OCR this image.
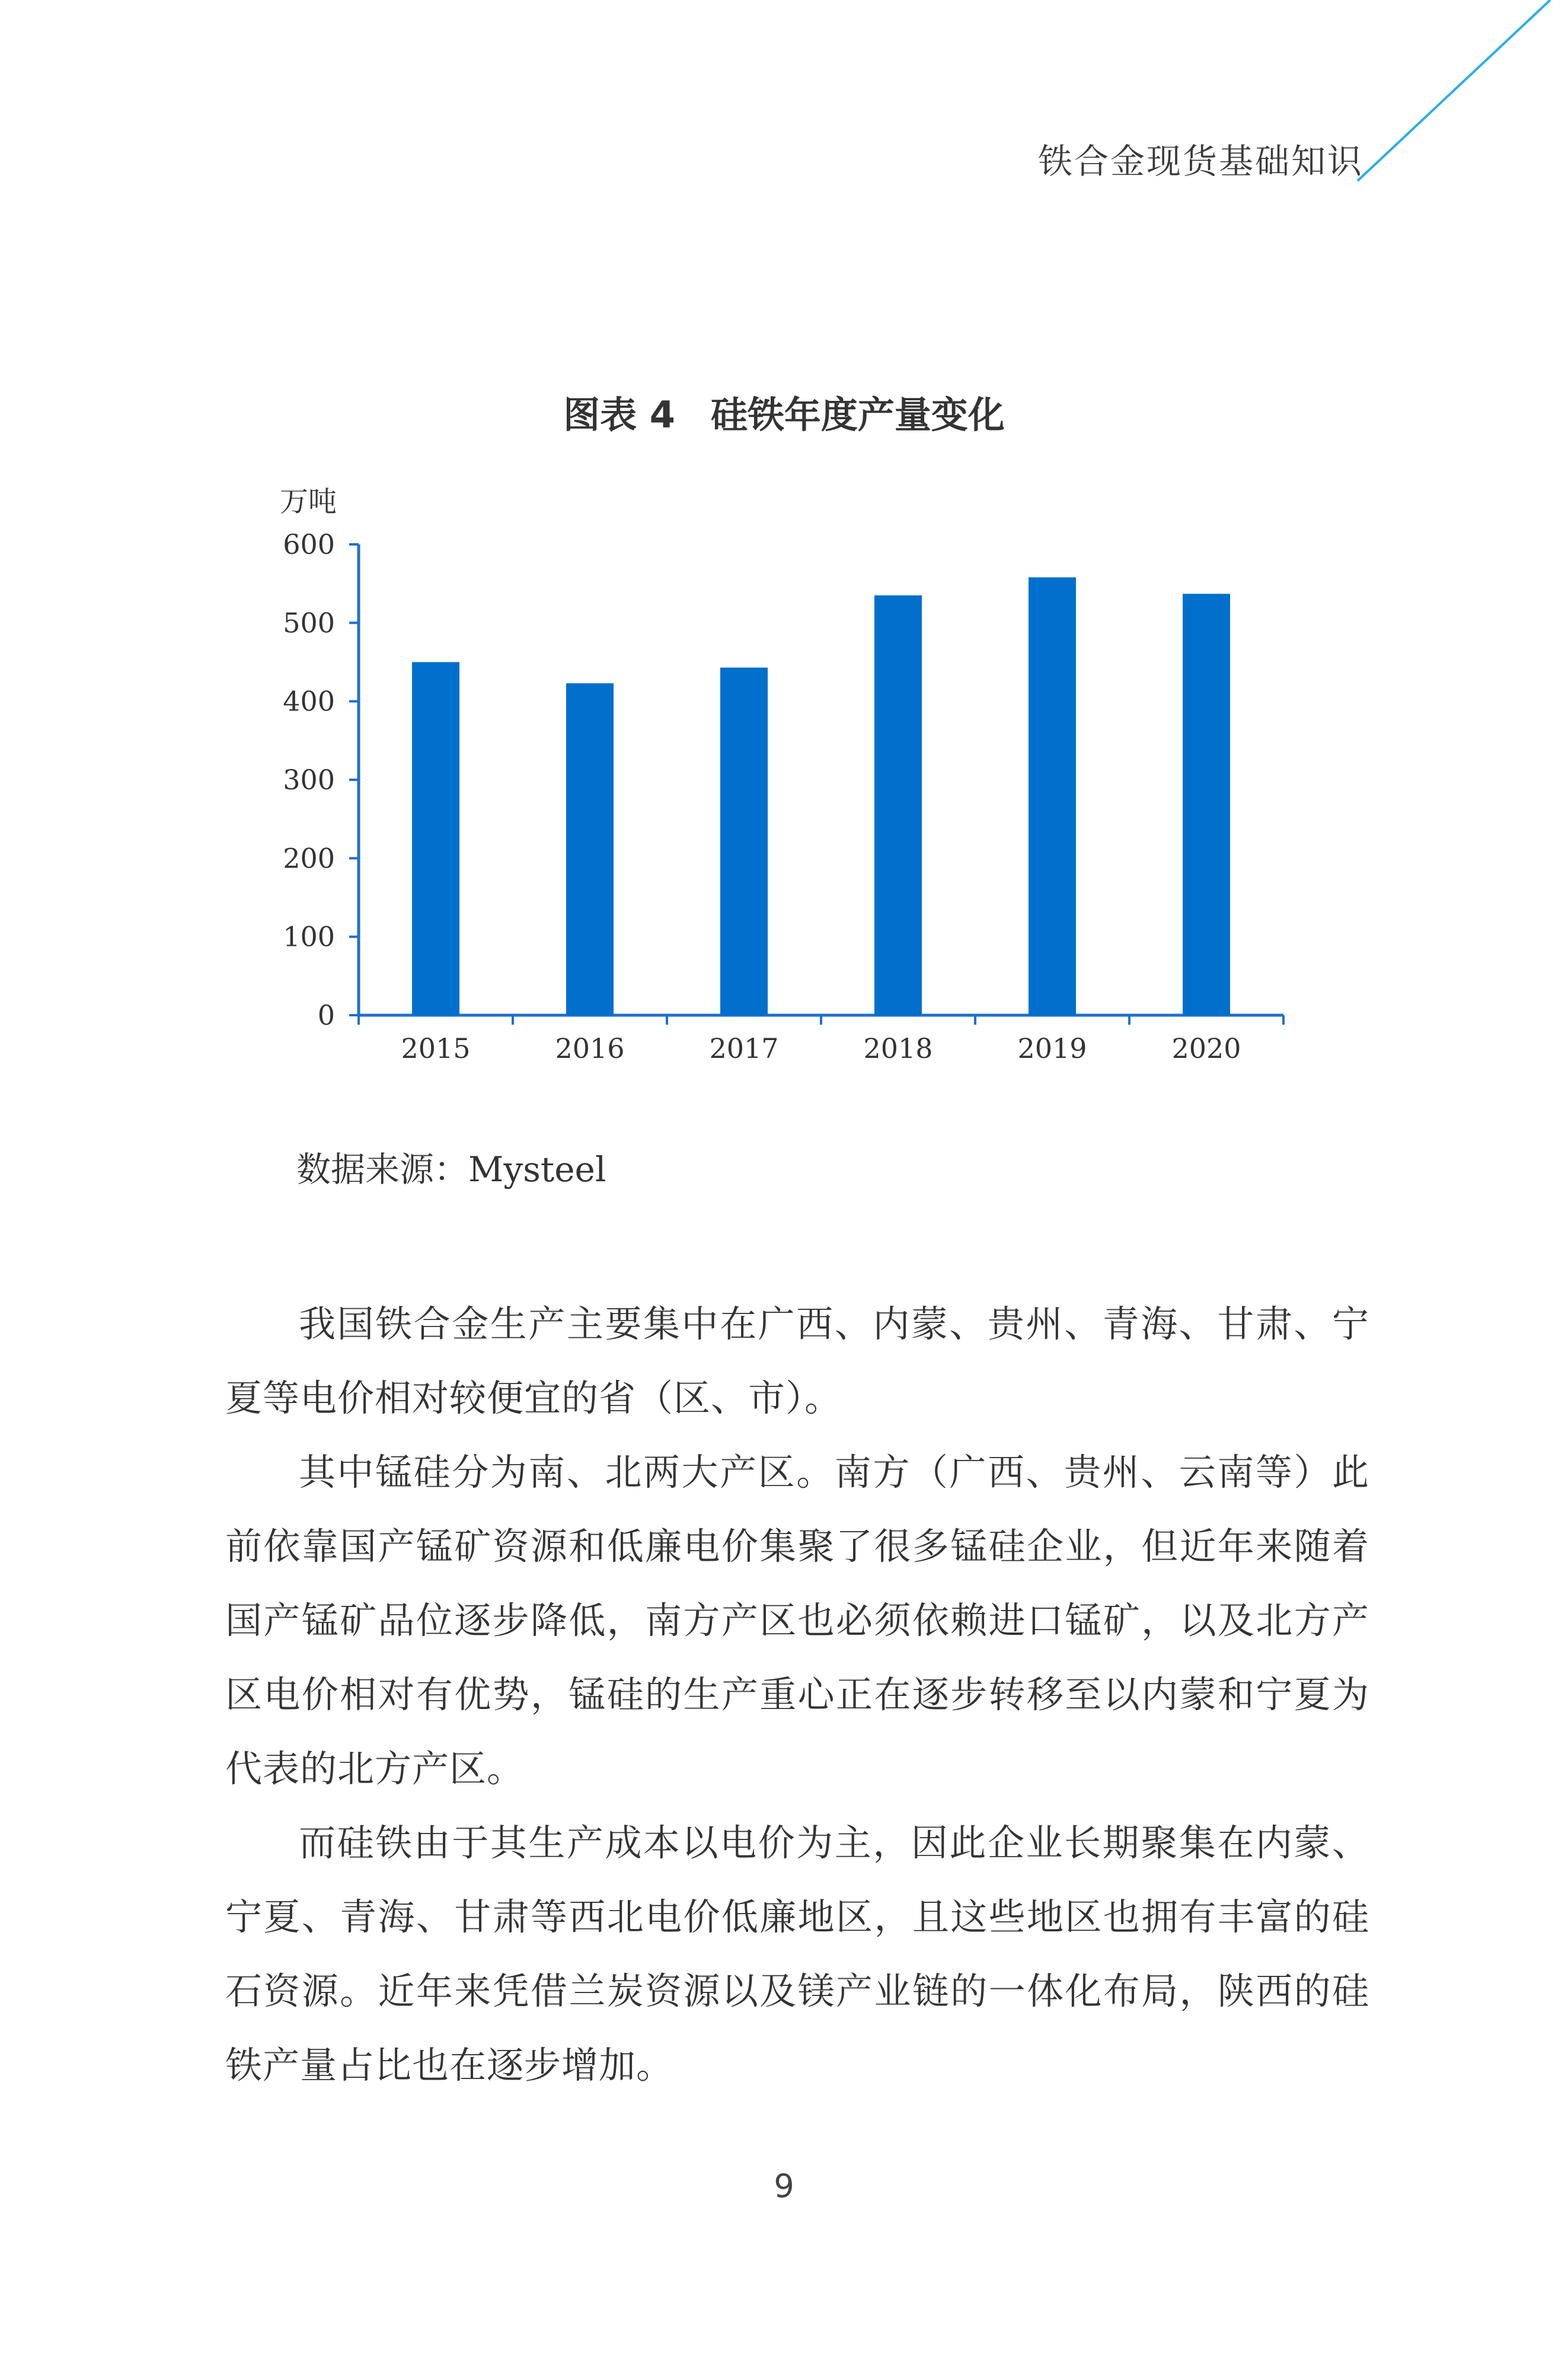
铁合金现货基础知识
图表 4 硅铁年度产量变化
万吨
0
100
200
300
400
500
600
2015	2016	2017	2018	2019	2020
数据来源：Mysteel
我国铁合金生产主要集中在广西、内蒙、贵州、青海、甘肃、宁夏等电价相对较便宜的省（区、市）。
其中锰硅分为南、北两大产区。南方（广西、贵州、云南等）此前依靠国产锰矿资源和低廉电价集聚了很多锰硅企业，但近年来随着国产锰矿品位逐步降低，南方产区也必须依赖进口锰矿，以及北方产区电价相对有优势，锰硅的生产重心正在逐步转移至以内蒙和宁夏为代表的北方产区。
而硅铁由于其生产成本以电价为主，因此企业长期聚集在内蒙、宁夏、青海、甘肃等西北电价低廉地区，且这些地区也拥有丰富的硅石资源。近年来凭借兰炭资源以及镁产业链的一体化布局，陕西的硅铁产量占比也在逐步增加。
9
